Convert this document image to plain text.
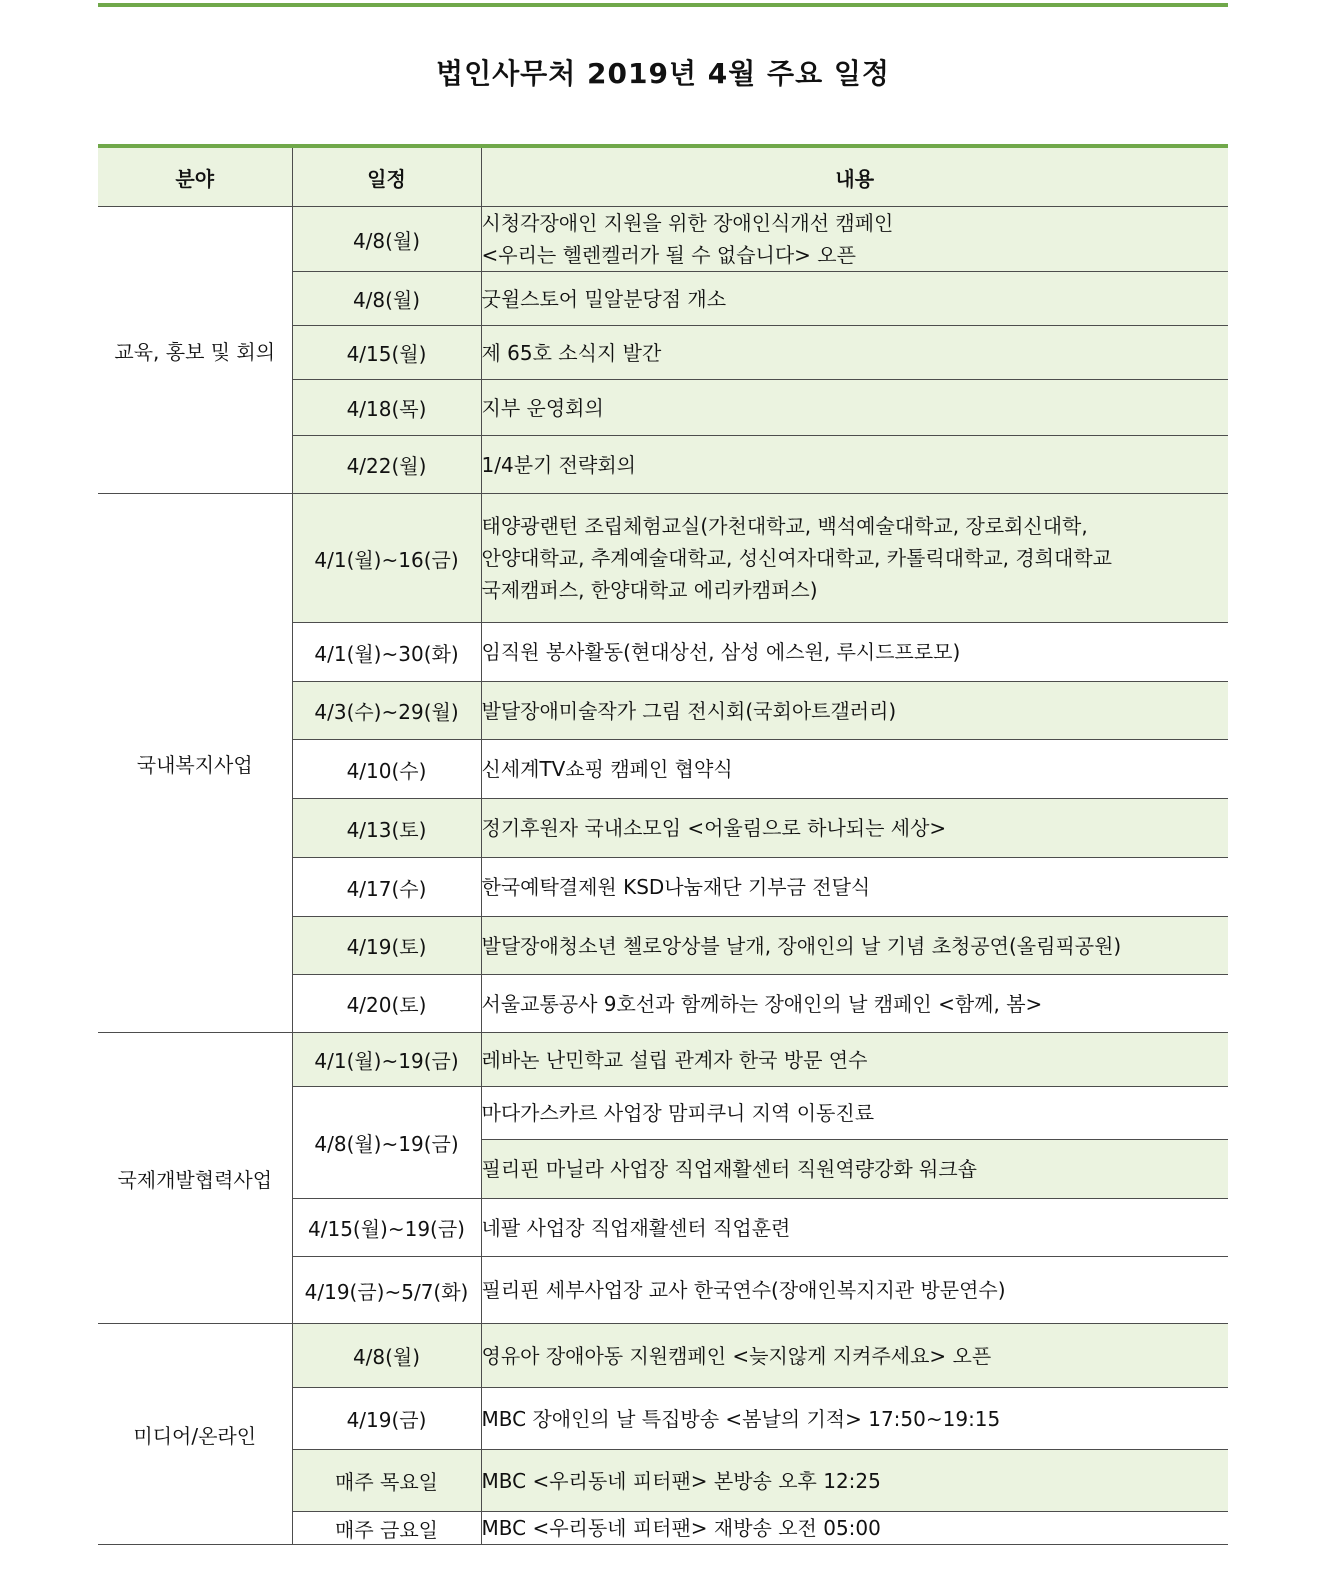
법인사무처 2019년 4월 주요 일정
분야	일정	내용
교육, 홍보 및 회의	4/8(월)	시청각장애인 지원을 위한 장애인식개선 캠페인
<우리는 헬렌켈러가 될 수 없습니다> 오픈

	4/8(월)	굿윌스토어 밀알분당점 개소

	4/15(월)	제 65호 소식지 발간

	4/18(목)	지부 운영회의

	4/22(월)	1/4분기 전략회의

국내복지사업	4/1(월)~16(금)	태양광랜턴 조립체험교실(가천대학교, 백석예술대학교, 장로회신대학,
안양대학교, 추계예술대학교, 성신여자대학교, 카톨릭대학교, 경희대학교
국제캠퍼스, 한양대학교 에리카캠퍼스)

	4/1(월)~30(화)	임직원 봉사활동(현대상선, 삼성 에스원, 루시드프로모)

	4/3(수)~29(월)	발달장애미술작가 그림 전시회(국회아트갤러리)

	4/10(수)	신세계TV쇼핑 캠페인 협약식

	4/13(토)	정기후원자 국내소모임 <어울림으로 하나되는 세상>

	4/17(수)	한국예탁결제원 KSD나눔재단 기부금 전달식

	4/19(토)	발달장애청소년 첼로앙상블 날개, 장애인의 날 기념 초청공연(올림픽공원)

	4/20(토)	서울교통공사 9호선과 함께하는 장애인의 날 캠페인 <함께, 봄>

국제개발협력사업	4/1(월)~19(금)	레바논 난민학교 설립 관계자 한국 방문 연수

	4/8(월)~19(금)	마다가스카르 사업장 맘피쿠니 지역 이동진료

		필리핀 마닐라 사업장 직업재활센터 직원역량강화 워크숍

	4/15(월)~19(금)	네팔 사업장 직업재활센터 직업훈련

	4/19(금)~5/7(화)	필리핀 세부사업장 교사 한국연수(장애인복지지관 방문연수)

미디어/온라인	4/8(월)	영유아 장애아동 지원캠페인 <늦지않게 지켜주세요> 오픈

	4/19(금)	MBC 장애인의 날 특집방송 <봄날의 기적> 17:50~19:15

	매주 목요일	MBC <우리동네 피터팬> 본방송 오후 12:25

	매주 금요일	MBC <우리동네 피터팬> 재방송 오전 05:00
